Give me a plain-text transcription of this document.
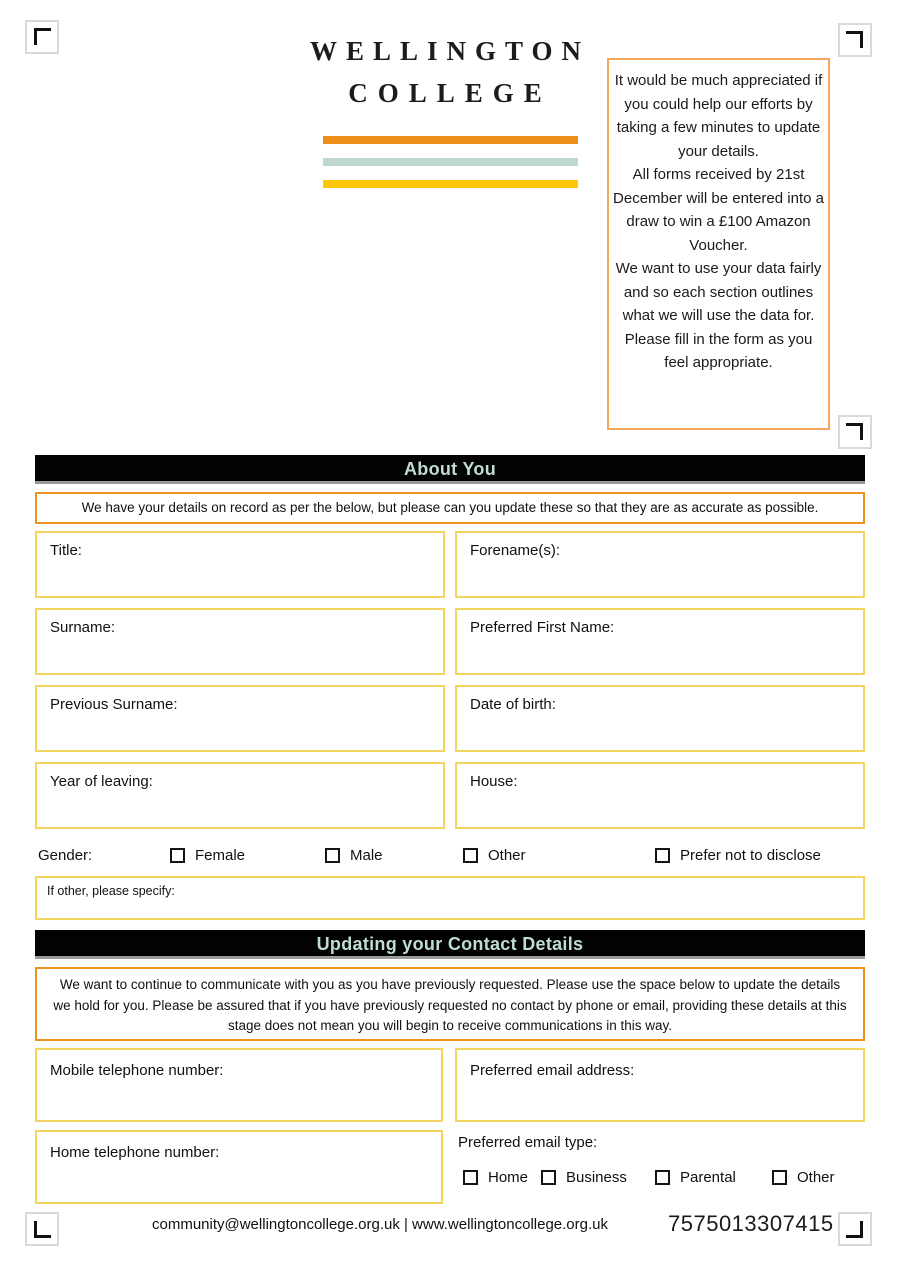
WELLINGTON
COLLEGE	It would be much appreciated if you could help our efforts by taking a few minutes to update your details.
All forms received by 21st December will be entered into a draw to win a £100 Amazon Voucher.
We want to use your data fairly and so each section outlines what we will use the data for.
Please fill in the form as you feel appropriate.
About You
We have your details on record as per the below, but please can you update these so that they are as accurate as possible.
Title:	Forename(s):
Surname:	Preferred First Name:
Previous Surname:	Date of birth:
Year of leaving:	House:
Gender:	Female	Male	Other	Prefer not to disclose
If other, please specify:
Updating your Contact Details
We want to continue to communicate with you as you have previously requested. Please use the space below to update the details we hold for you. Please be assured that if you have previously requested no contact by phone or email, providing these details at this stage does not mean you will begin to receive communications in this way.
Mobile telephone number:	Preferred email address:
Home telephone number:
Preferred email type:
Home	Business	Parental	Other
community@wellingtoncollege.org.uk | www.wellingtoncollege.org.uk	7575013307415
